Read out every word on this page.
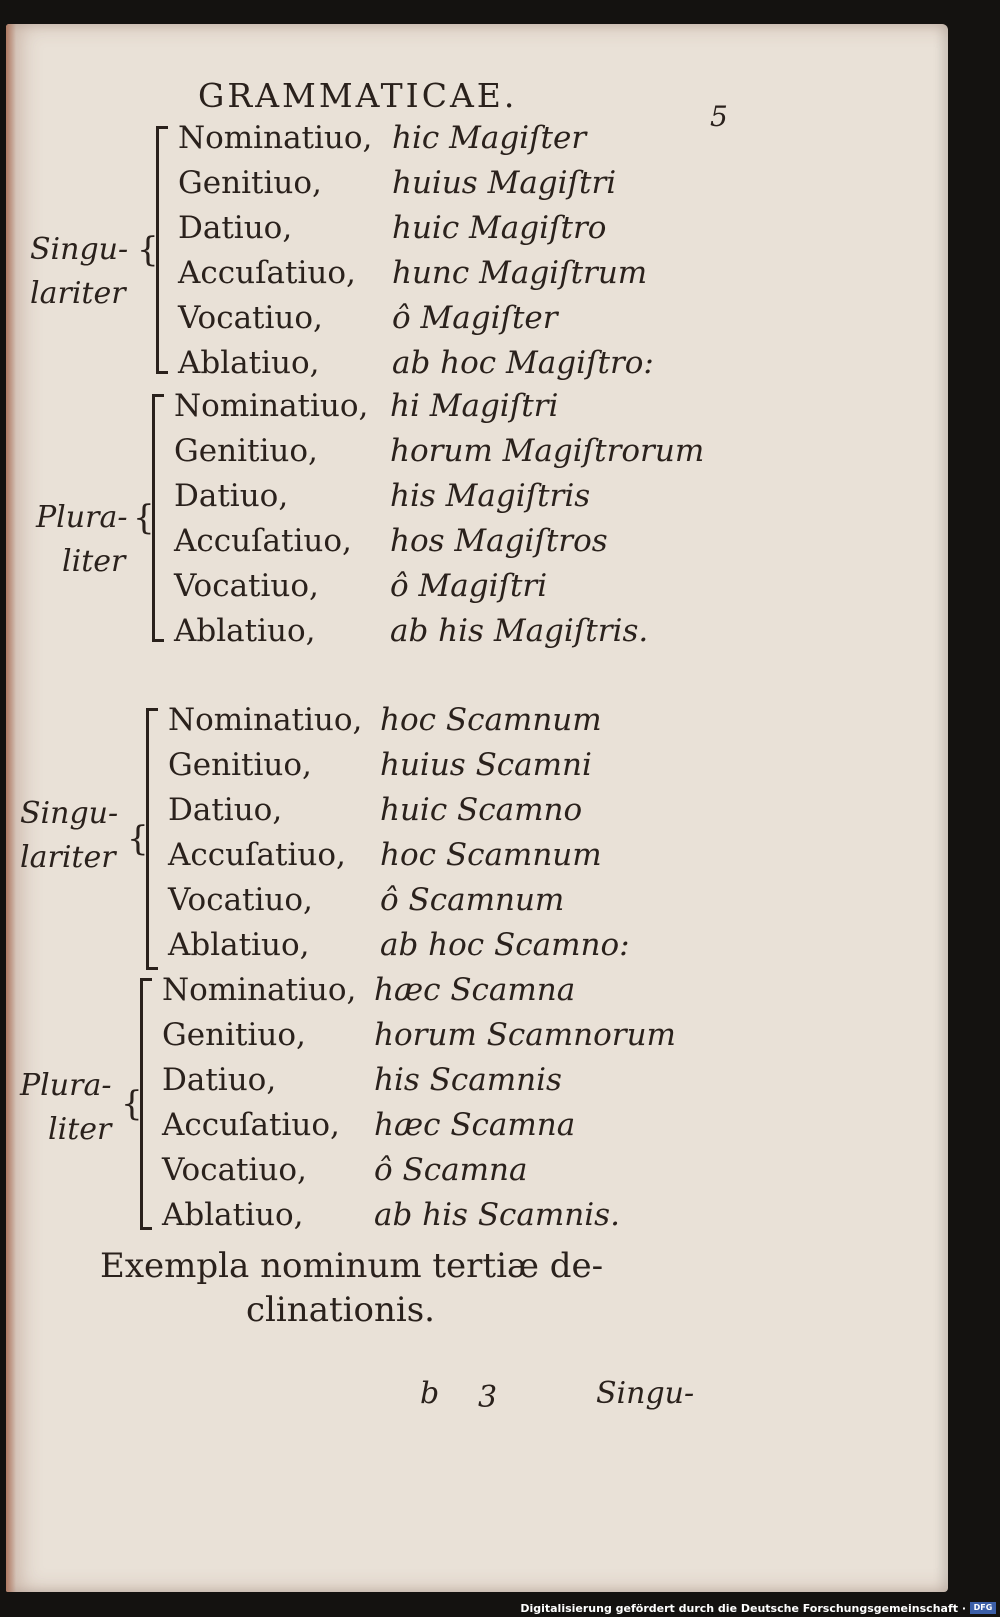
GRAMMATICAE.
5
Singu-
lariter
{
Nominatiuo, hic Magiſter
Genitiuo, huius Magiſtri
Datiuo,	huic Magiſtro
Accuſatiuo, hunc Magiſtrum
Vocatiuo, ô Magiſter
Ablatiuo, ab hoc Magiſtro:
Plura-
liter
{
Nominatiuo, hi Magiſtri
Genitiuo, horum Magiſtrorum
Datiuo,	his Magiſtris
Accuſatiuo, hos Magiſtros
Vocatiuo, ô Magiſtri
Ablatiuo, ab his Magiſtris.
Singu-
lariter {
Nominatiuo, hoc Scamnum
Genitiuo, huius Scamni
Datiuo,	huic Scamno
Accuſatiuo, hoc Scamnum
Vocatiuo, ô Scamnum
Ablatiuo, ab hoc Scamno:
Plura-
liter
{
Nominatiuo, hæc Scamna
Genitiuo, horum Scamnorum
Datiuo,	his Scamnis
Accuſatiuo, hæc Scamna
Vocatiuo, ô Scamna
Ablatiuo, ab his Scamnis.
Exempla nominum tertiæ de-
clinationis.
b 3	Singu-
Digitalisierung gefördert durch die Deutsche Forschungsgemeinschaft · DFG
